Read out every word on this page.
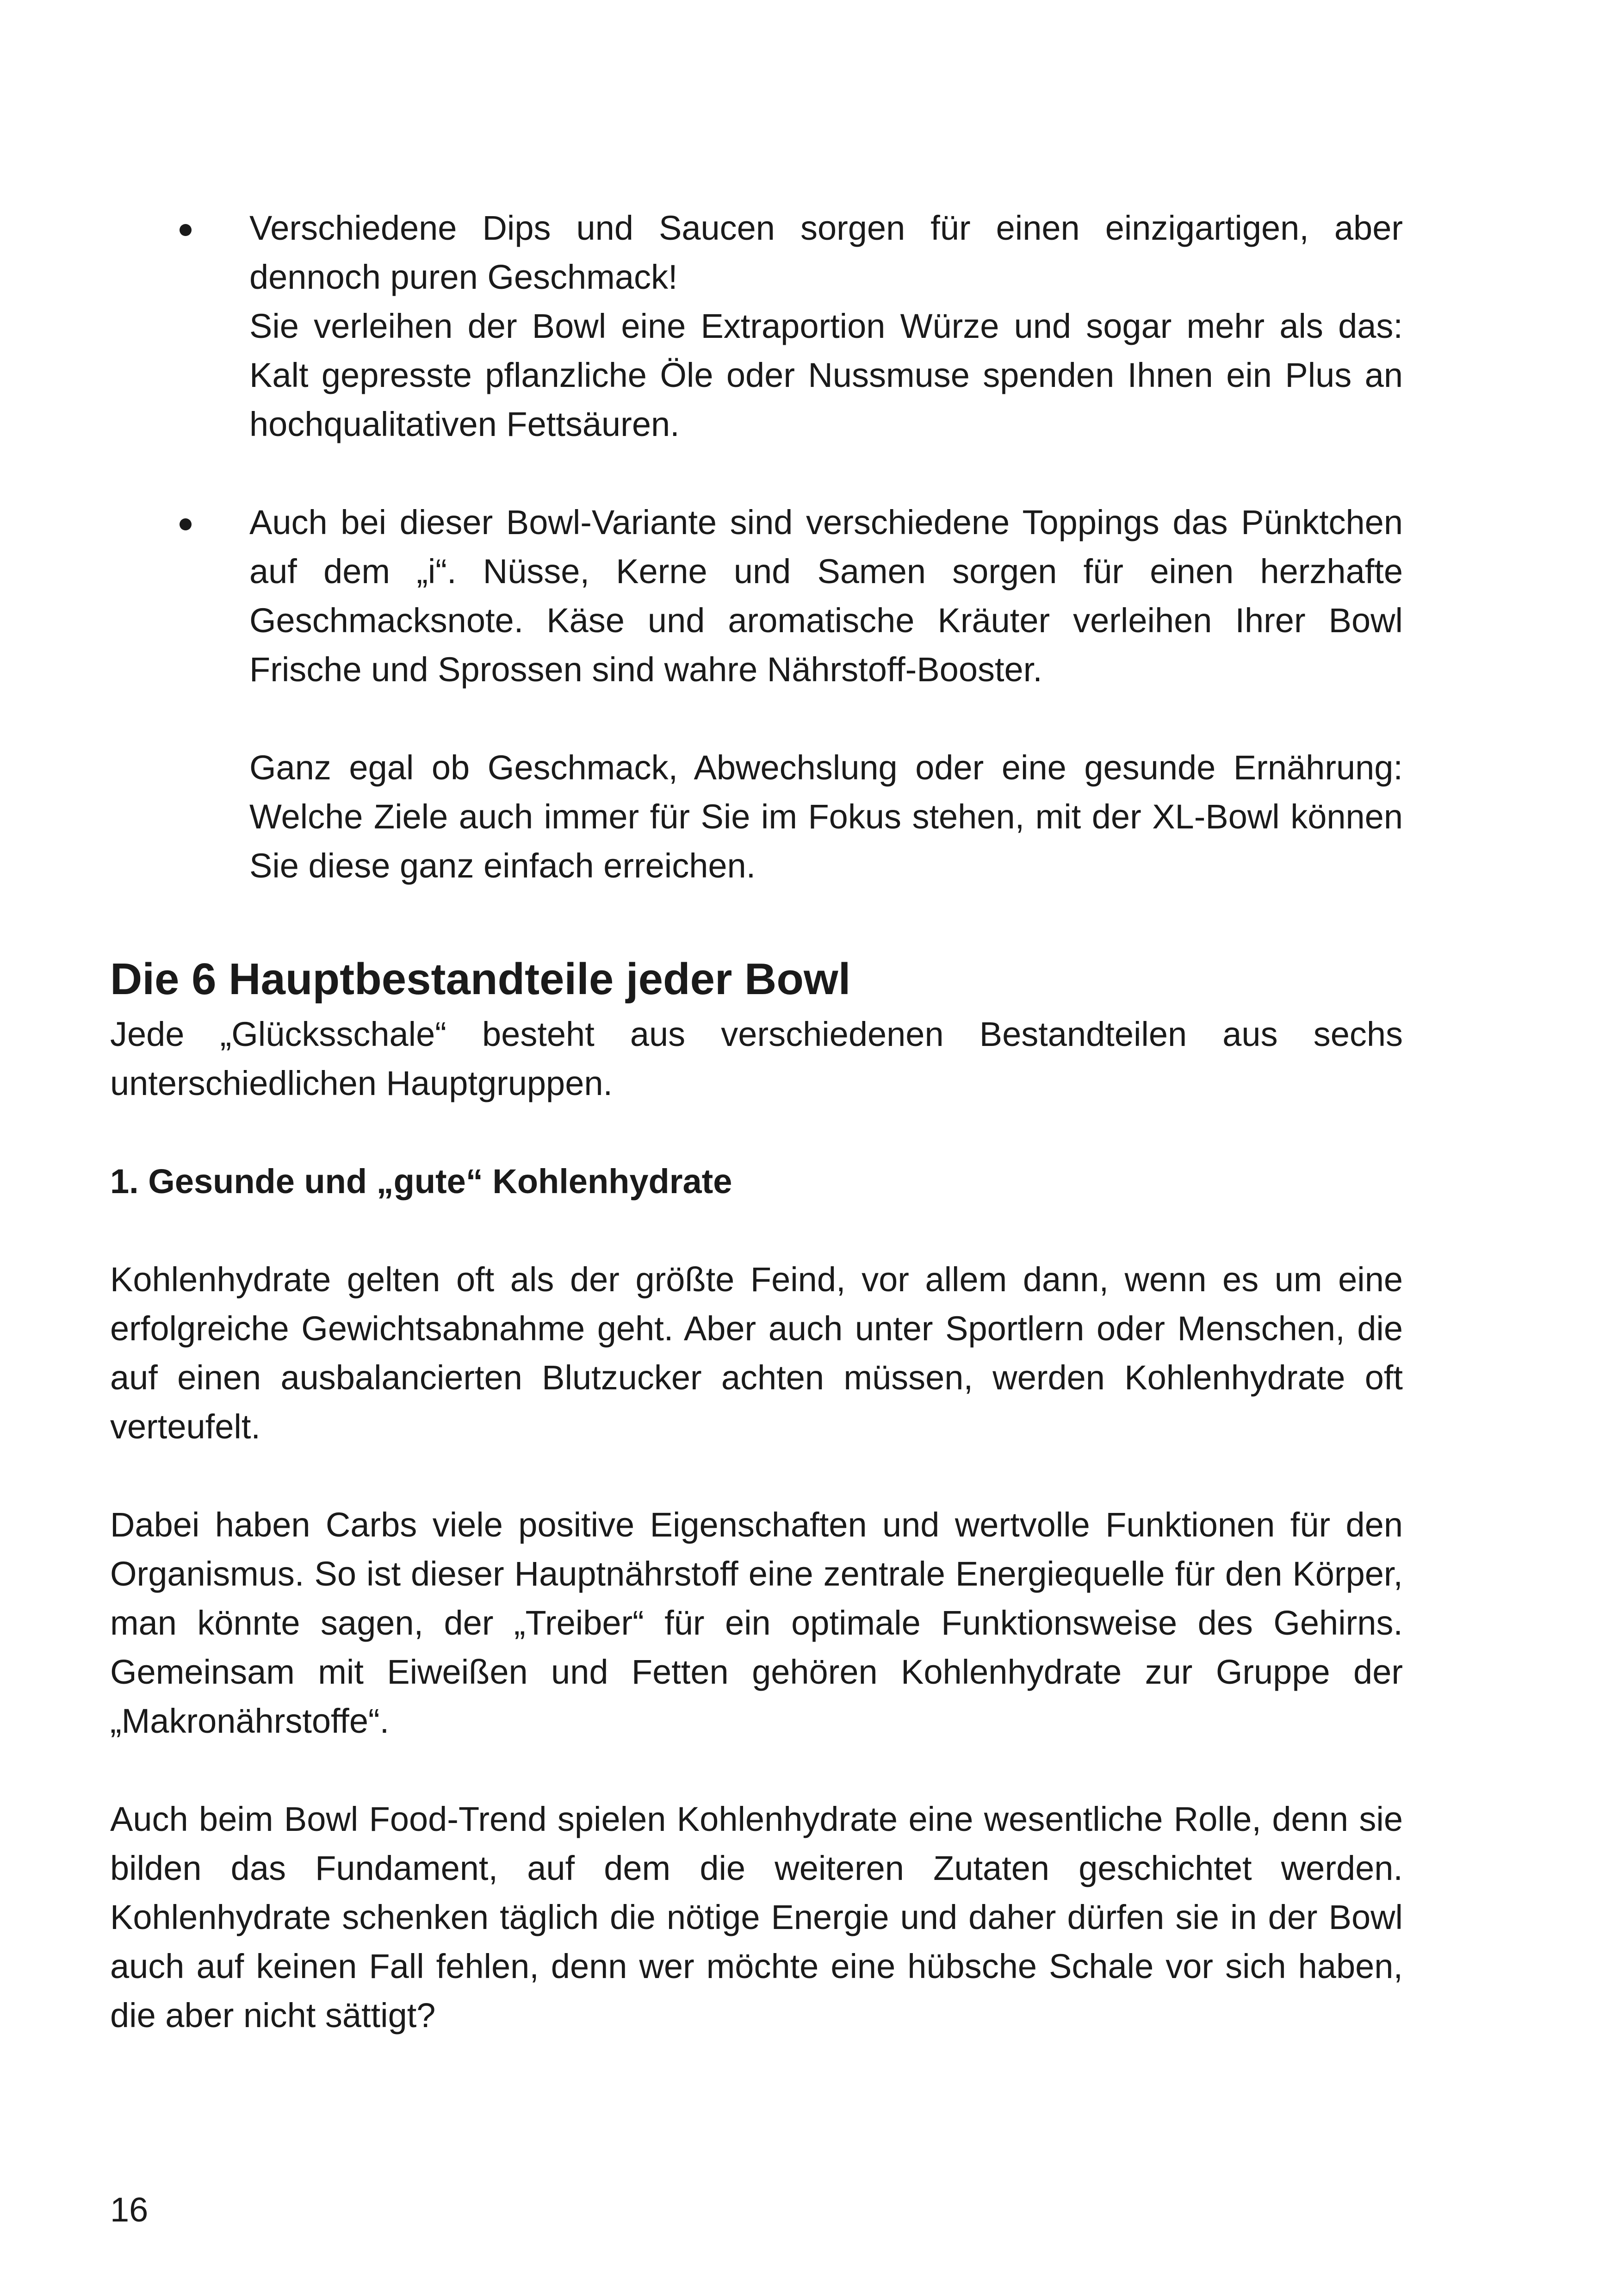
Verschiedene Dips und Saucen sorgen für einen einzigartigen, aber dennoch puren Geschmack!
Sie verleihen der Bowl eine Extraportion Würze und sogar mehr als das: Kalt gepresste pflanzliche Öle oder Nussmuse spenden Ihnen ein Plus an hochqualitativen Fettsäuren.

Auch bei dieser Bowl-Variante sind verschiedene Toppings das Pünktchen auf dem „i“. Nüsse, Kerne und Samen sorgen für einen herzhafte Geschmacksnote. Käse und aromatische Kräuter verleihen Ihrer Bowl Frische und Sprossen sind wahre Nährstoff-Booster.

Ganz egal ob Geschmack, Abwechslung oder eine gesunde Ernährung: Welche Ziele auch immer für Sie im Fokus stehen, mit der XL-Bowl können Sie diese ganz einfach erreichen.

Die 6 Hauptbestandteile jeder Bowl

Jede „Glücksschale“ besteht aus verschiedenen Bestandteilen aus sechs unterschiedlichen Hauptgruppen.

1. Gesunde und „gute“ Kohlenhydrate

Kohlenhydrate gelten oft als der größte Feind, vor allem dann, wenn es um eine erfolgreiche Gewichtsabnahme geht. Aber auch unter Sportlern oder Menschen, die auf einen ausbalancierten Blutzucker achten müssen, werden Kohlenhydrate oft verteufelt.

Dabei haben Carbs viele positive Eigenschaften und wertvolle Funktionen für den Organismus. So ist dieser Hauptnährstoff eine zentrale Energiequelle für den Körper, man könnte sagen, der „Treiber“ für ein optimale Funktionsweise des Gehirns. Gemeinsam mit Eiweißen und Fetten gehören Kohlenhydrate zur Gruppe der „Makronährstoffe“.

Auch beim Bowl Food-Trend spielen Kohlenhydrate eine wesentliche Rolle, denn sie bilden das Fundament, auf dem die weiteren Zutaten geschichtet werden. Kohlenhydrate schenken täglich die nötige Energie und daher dürfen sie in der Bowl auch auf keinen Fall fehlen, denn wer möchte eine hübsche Schale vor sich haben, die aber nicht sättigt?

16
